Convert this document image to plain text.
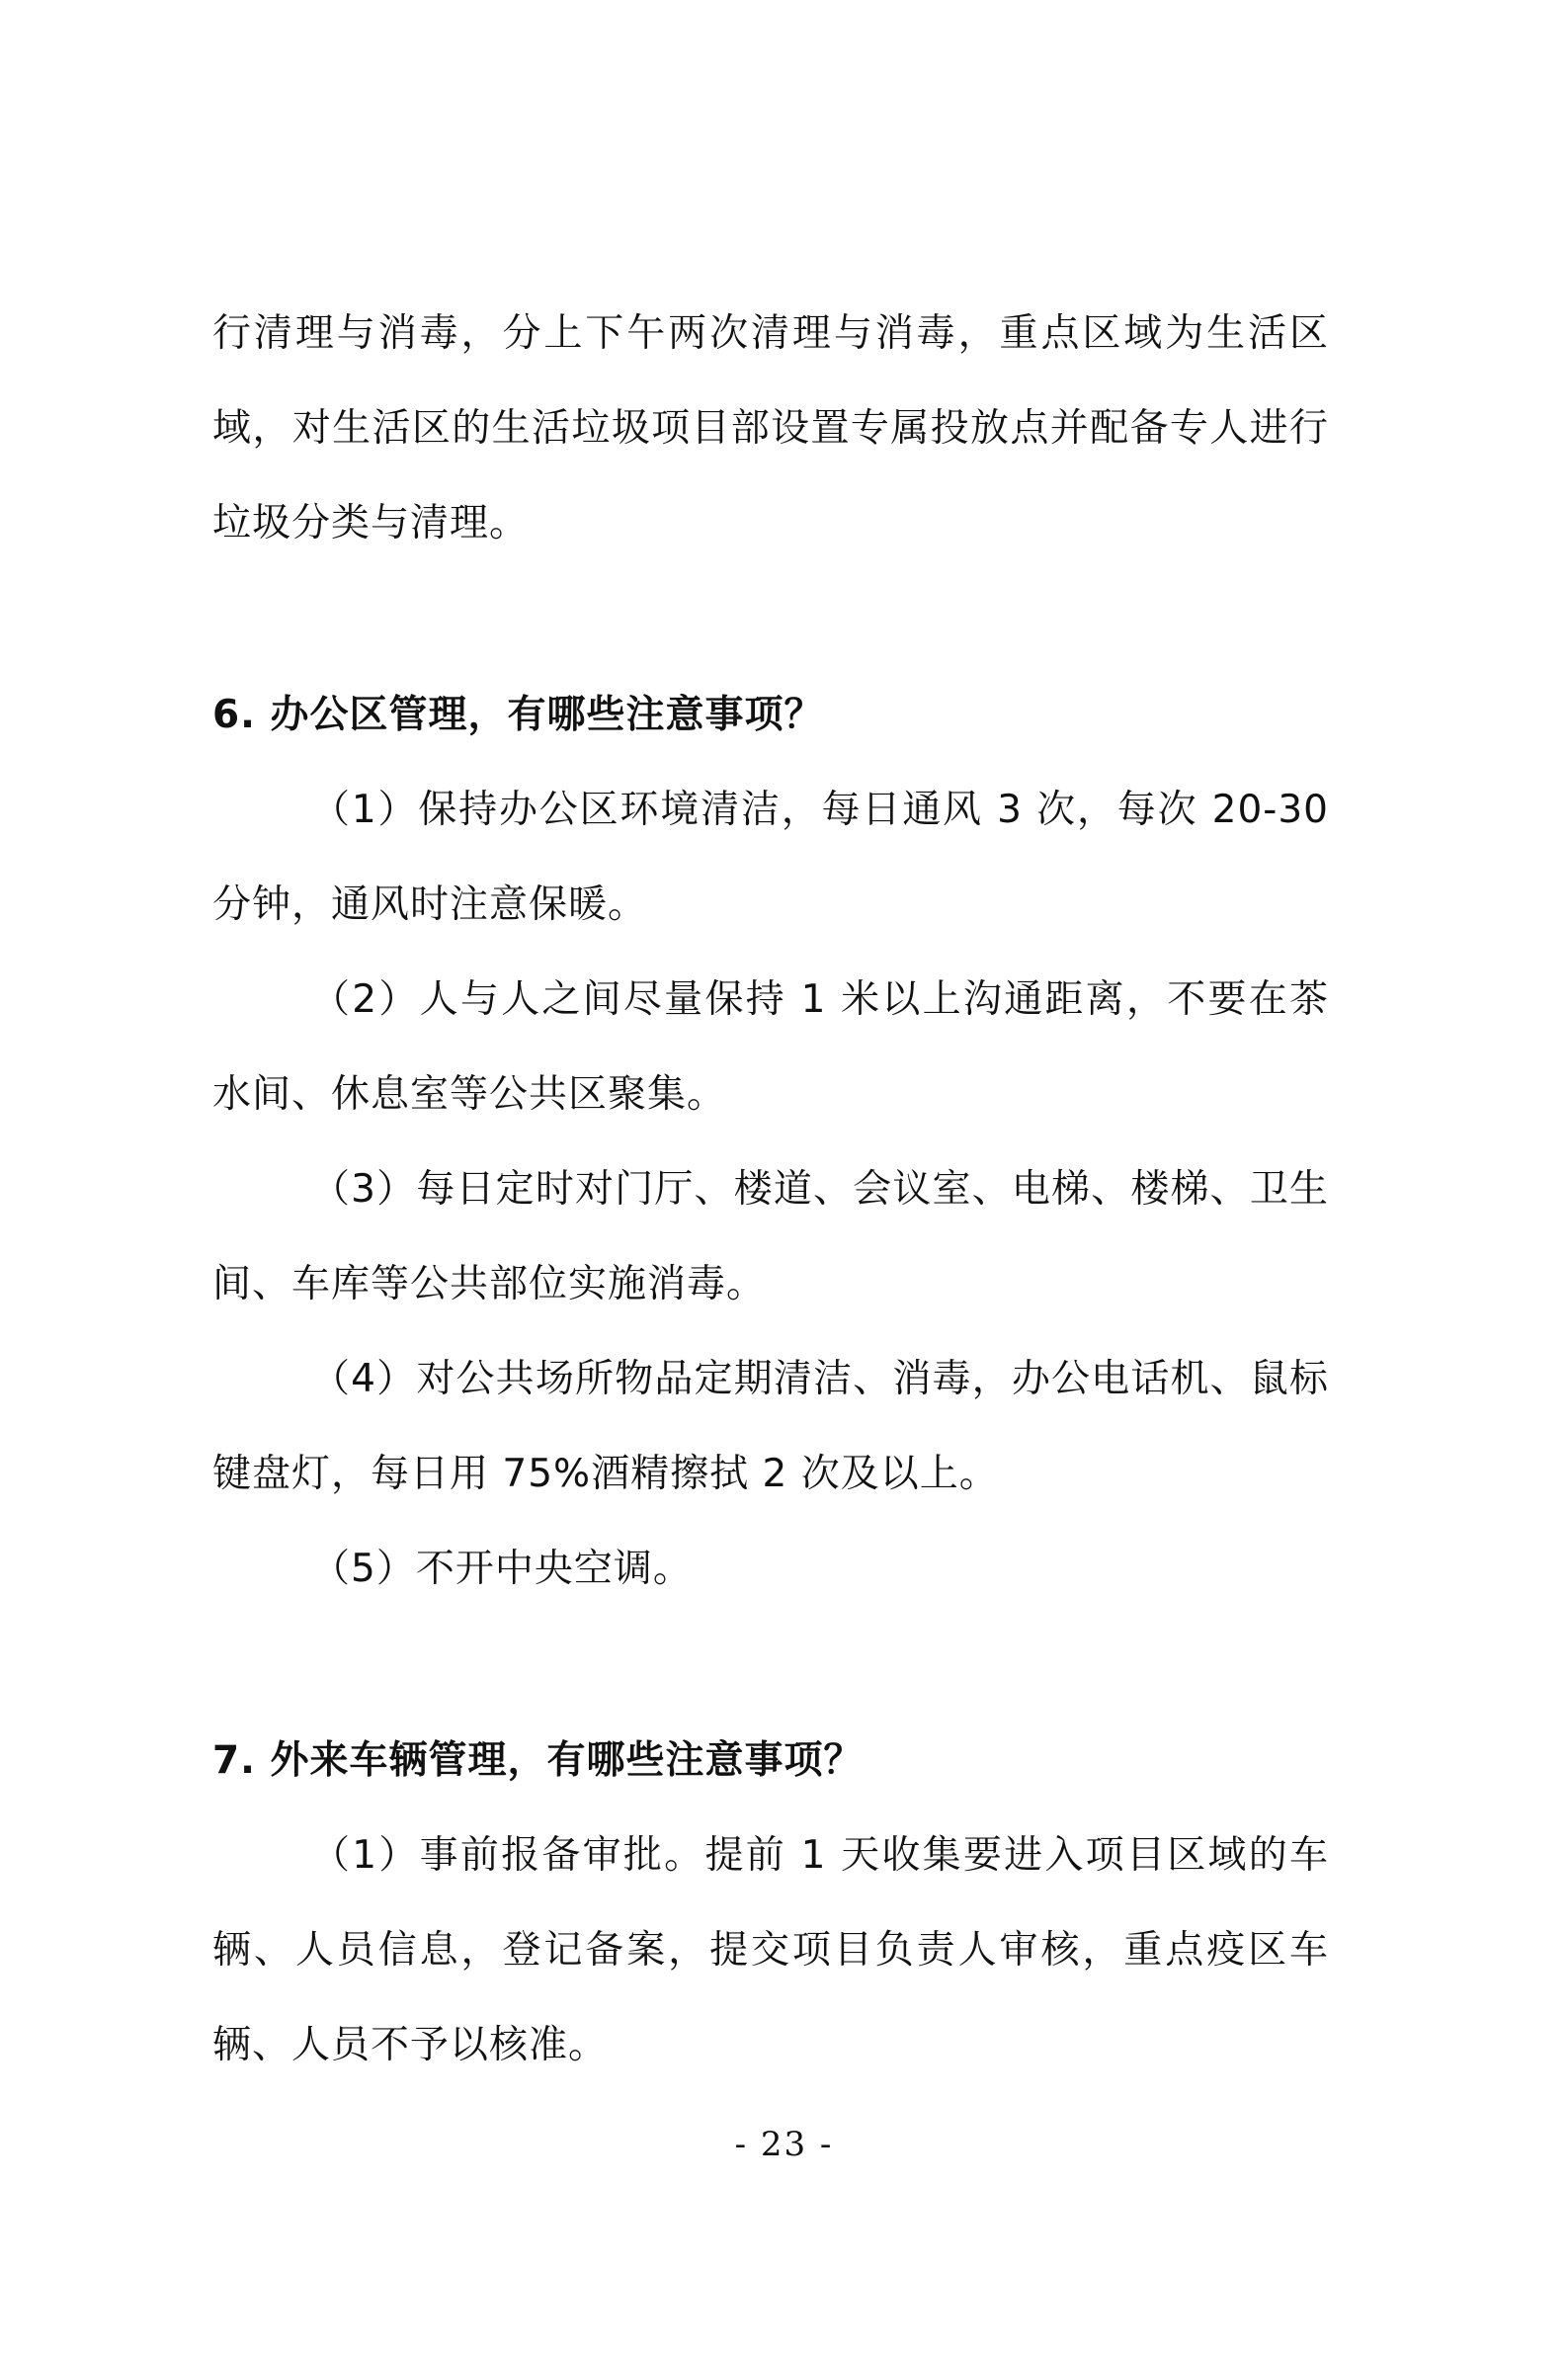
行清理与消毒，分上下午两次清理与消毒，重点区域为生活区域，对生活区的生活垃圾项目部设置专属投放点并配备专人进行垃圾分类与清理。

6. 办公区管理，有哪些注意事项？

（1）保持办公区环境清洁，每日通风 3 次，每次 20-30 分钟，通风时注意保暖。

（2）人与人之间尽量保持 1 米以上沟通距离，不要在茶水间、休息室等公共区聚集。

（3）每日定时对门厅、楼道、会议室、电梯、楼梯、卫生间、车库等公共部位实施消毒。

（4）对公共场所物品定期清洁、消毒，办公电话机、鼠标键盘灯，每日用 75%酒精擦拭 2 次及以上。

（5）不开中央空调。

7. 外来车辆管理，有哪些注意事项？

（1）事前报备审批。提前 1 天收集要进入项目区域的车辆、人员信息，登记备案，提交项目负责人审核，重点疫区车辆、人员不予以核准。

- 23 -
